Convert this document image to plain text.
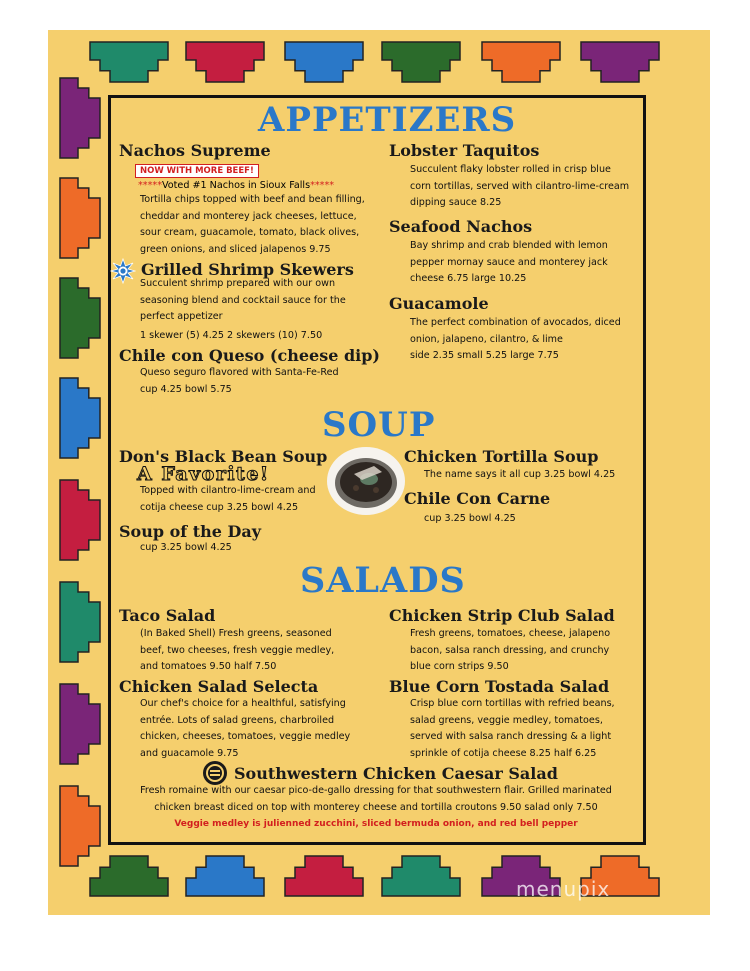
APPETIZERS
Nachos Supreme
NOW WITH MORE BEEF!
*****Voted #1 Nachos in Sioux Falls*****
Tortilla chips topped with beef and bean filling,
cheddar and monterey jack cheeses, lettuce,
sour cream, guacamole, tomato, black olives,
green onions, and sliced jalapenos 9.75
Grilled Shrimp Skewers
Succulent shrimp prepared with our own
seasoning blend and cocktail sauce for the
perfect appetizer
1 skewer (5) 4.25 2 skewers (10) 7.50
Chile con Queso (cheese dip)
Queso seguro flavored with Santa-Fe-Red
cup 4.25 bowl 5.75
Lobster Taquitos
Succulent flaky lobster rolled in crisp blue
corn tortillas, served with cilantro-lime-cream
dipping sauce 8.25
Seafood Nachos
Bay shrimp and crab blended with lemon
pepper mornay sauce and monterey jack
cheese 6.75 large 10.25
Guacamole
The perfect combination of avocados, diced
onion, jalapeno, cilantro, & lime
side 2.35 small 5.25 large 7.75
SOUP
Don's Black Bean Soup
A Favorite!
Topped with cilantro-lime-cream and
cotija cheese cup 3.25 bowl 4.25
Soup of the Day
cup 3.25 bowl 4.25
Chicken Tortilla Soup
The name says it all cup 3.25 bowl 4.25
Chile Con Carne
cup 3.25 bowl 4.25
SALADS
Taco Salad
(In Baked Shell) Fresh greens, seasoned
beef, two cheeses, fresh veggie medley,
and tomatoes 9.50 half 7.50
Chicken Salad Selecta
Our chef's choice for a healthful, satisfying
entrée. Lots of salad greens, charbroiled
chicken, cheeses, tomatoes, veggie medley
and guacamole 9.75
Chicken Strip Club Salad
Fresh greens, tomatoes, cheese, jalapeno
bacon, salsa ranch dressing, and crunchy
blue corn strips 9.50
Blue Corn Tostada Salad
Crisp blue corn tortillas with refried beans,
salad greens, veggie medley, tomatoes,
served with salsa ranch dressing & a light
sprinkle of cotija cheese 8.25 half 6.25
Southwestern Chicken Caesar Salad
Fresh romaine with our caesar pico-de-gallo dressing for that southwestern flair. Grilled marinated
chicken breast diced on top with monterey cheese and tortilla croutons 9.50 salad only 7.50
Veggie medley is julienned zucchini, sliced bermuda onion, and red bell pepper
menupix
